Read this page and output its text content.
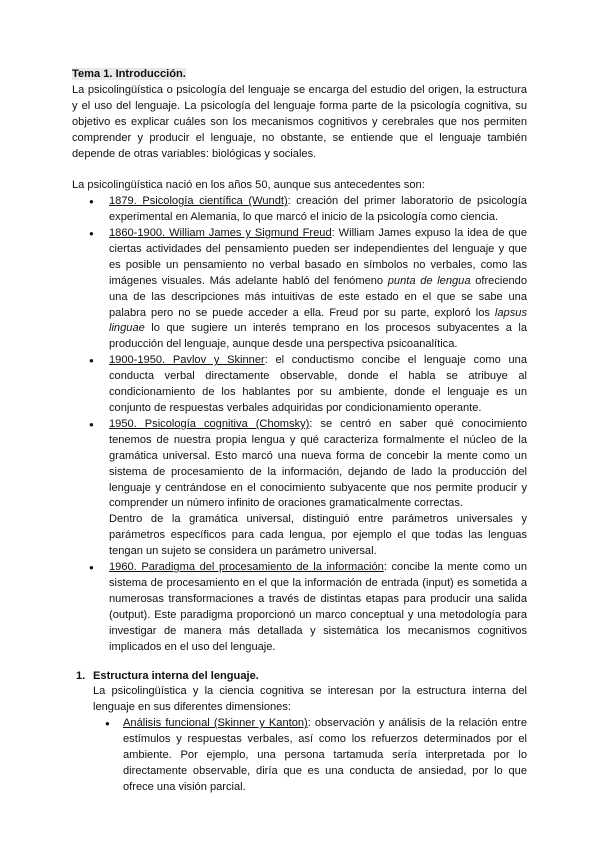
Tema 1. Introducción.

La psicolingüística o psicología del lenguaje se encarga del estudio del origen, la estructura y el uso del lenguaje. La psicología del lenguaje forma parte de la psicología cognitiva, su objetivo es explicar cuáles son los mecanismos cognitivos y cerebrales que nos permiten comprender y producir el lenguaje, no obstante, se entiende que el lenguaje también depende de otras variables: biológicas y sociales.

La psicolingüística nació en los años 50, aunque sus antecedentes son:

● 1879. Psicología científica (Wundt): creación del primer laboratorio de psicología experimental en Alemania, lo que marcó el inicio de la psicología como ciencia.
● 1860-1900. William James y Sigmund Freud: William James expuso la idea de que ciertas actividades del pensamiento pueden ser independientes del lenguaje y que es posible un pensamiento no verbal basado en símbolos no verbales, como las imágenes visuales. Más adelante habló del fenómeno punta de lengua ofreciendo una de las descripciones más intuitivas de este estado en el que se sabe una palabra pero no se puede acceder a ella. Freud por su parte, exploró los lapsus linguae lo que sugiere un interés temprano en los procesos subyacentes a la producción del lenguaje, aunque desde una perspectiva psicoanalítica.
● 1900-1950. Pavlov y Skinner: el conductismo concibe el lenguaje como una conducta verbal directamente observable, donde el habla se atribuye al condicionamiento de los hablantes por su ambiente, donde el lenguaje es un conjunto de respuestas verbales adquiridas por condicionamiento operante.
● 1950. Psicología cognitiva (Chomsky): se centró en saber qué conocimiento tenemos de nuestra propia lengua y qué caracteriza formalmente el núcleo de la gramática universal. Esto marcó una nueva forma de concebir la mente como un sistema de procesamiento de la información, dejando de lado la producción del lenguaje y centrándose en el conocimiento subyacente que nos permite producir y comprender un número infinito de oraciones gramaticalmente correctas.
Dentro de la gramática universal, distinguió entre parámetros universales y parámetros específicos para cada lengua, por ejemplo el que todas las lenguas tengan un sujeto se considera un parámetro universal.
● 1960. Paradigma del procesamiento de la información: concibe la mente como un sistema de procesamiento en el que la información de entrada (input) es sometida a numerosas transformaciones a través de distintas etapas para producir una salida (output). Este paradigma proporcionó un marco conceptual y una metodología para investigar de manera más detallada y sistemática los mecanismos cognitivos implicados en el uso del lenguaje.
1. Estructura interna del lenguaje.
La psicolingüística y la ciencia cognitiva se interesan por la estructura interna del lenguaje en sus diferentes dimensiones:
● Análisis funcional (Skinner y Kanton): observación y análisis de la relación entre estímulos y respuestas verbales, así como los refuerzos determinados por el ambiente. Por ejemplo, una persona tartamuda sería interpretada por lo directamente observable, diría que es una conducta de ansiedad, por lo que ofrece una visión parcial.
